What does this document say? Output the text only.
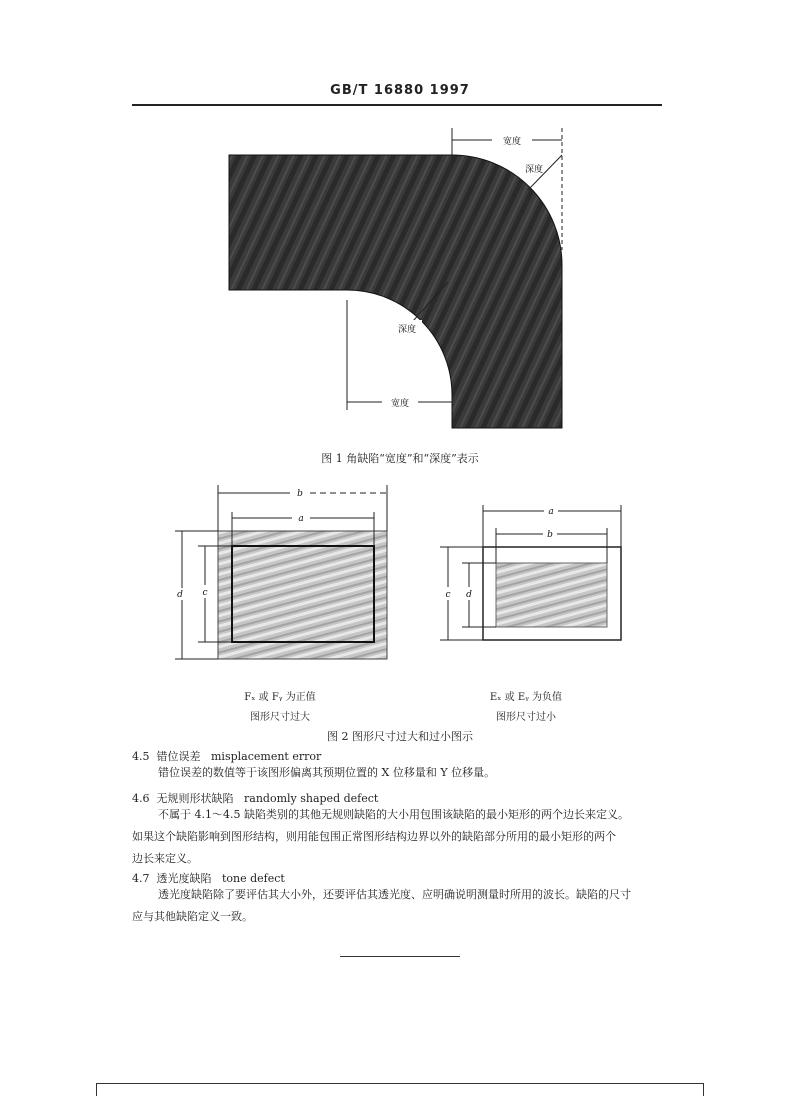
GB/T 16880 1997
宽度
深度
深度
宽度
图 1 角缺陷“宽度”和“深度”表示
b
a
d c
a
b
c d
Fₓ 或 Fᵧ 为正值
图形尺寸过大
Eₓ 或 Eᵧ 为负值
图形尺寸过小
图 2 图形尺寸过大和过小图示
4.5 错位误差 misplacement error
错位误差的数值等于该图形偏离其预期位置的 X 位移量和 Y 位移量。
4.6 无规则形状缺陷 randomly shaped defect
不属于 4.1～4.5 缺陷类别的其他无规则缺陷的大小用包围该缺陷的最小矩形的两个边长来定义。
如果这个缺陷影响到图形结构，则用能包围正常图形结构边界以外的缺陷部分所用的最小矩形的两个
边长来定义。
4.7 透光度缺陷 tone defect
透光度缺陷除了要评估其大小外，还要评估其透光度、应明确说明测量时所用的波长。缺陷的尺寸
应与其他缺陷定义一致。
